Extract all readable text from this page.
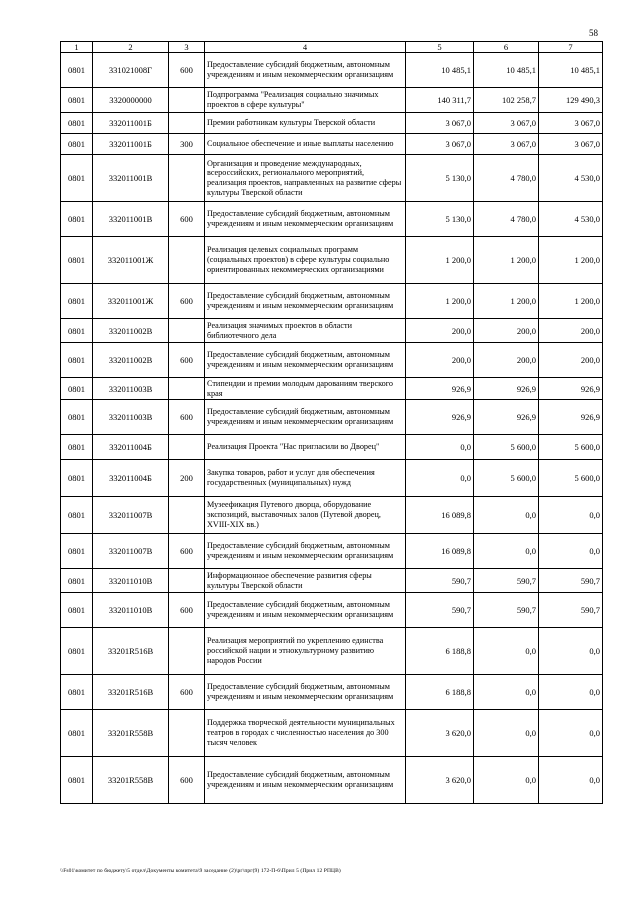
58
1	2	3	4	5	6	7
0801	331021008Г	600	Предоставление субсидий бюджетным, автономным учреждениям и иным некоммерческим организациям	10 485,1	10 485,1	10 485,1
0801	3320000000		Подпрограмма "Реализация социально значимых проектов в сфере культуры"	140 311,7	102 258,7	129 490,3
0801	332011001Б		Премии работникам культуры Тверской области	3 067,0	3 067,0	3 067,0
0801	332011001Б	300	Социальное обеспечение и иные выплаты населению	3 067,0	3 067,0	3 067,0
0801	332011001В		Организация и проведение международных, всероссийских, регионального мероприятий, реализация проектов, направленных на развитие сферы культуры Тверской области	5 130,0	4 780,0	4 530,0
0801	332011001В	600	Предоставление субсидий бюджетным, автономным учреждениям и иным некоммерческим организациям	5 130,0	4 780,0	4 530,0
0801	332011001Ж		Реализация целевых социальных программ (социальных проектов) в сфере культуры социально ориентированных некоммерческих организациями	1 200,0	1 200,0	1 200,0
0801	332011001Ж	600	Предоставление субсидий бюджетным, автономным учреждениям и иным некоммерческим организациям	1 200,0	1 200,0	1 200,0
0801	332011002В		Реализация значимых проектов в области библиотечного дела	200,0	200,0	200,0
0801	332011002В	600	Предоставление субсидий бюджетным, автономным учреждениям и иным некоммерческим организациям	200,0	200,0	200,0
0801	332011003В		Стипендии и премии молодым дарованиям тверского края	926,9	926,9	926,9
0801	332011003В	600	Предоставление субсидий бюджетным, автономным учреждениям и иным некоммерческим организациям	926,9	926,9	926,9
0801	332011004Б		Реализация Проекта "Нас пригласили во Дворец"	0,0	5 600,0	5 600,0
0801	332011004Б	200	Закупка товаров, работ и услуг для обеспечения государственных (муниципальных) нужд	0,0	5 600,0	5 600,0
0801	332011007В		Музеефикация Путевого дворца, оборудование экспозиций, выставочных залов (Путевой дворец, XVIII-XIX вв.)	16 089,8	0,0	0,0
0801	332011007В	600	Предоставление субсидий бюджетным, автономным учреждениям и иным некоммерческим организациям	16 089,8	0,0	0,0
0801	332011010В		Информационное обеспечение развития сферы культуры Тверской области	590,7	590,7	590,7
0801	332011010В	600	Предоставление субсидий бюджетным, автономным учреждениям и иным некоммерческим организациям	590,7	590,7	590,7
0801	33201R516В		Реализация мероприятий по укреплению единства российской нации и этнокультурному развитию народов России	6 188,8	0,0	0,0
0801	33201R516В	600	Предоставление субсидий бюджетным, автономным учреждениям и иным некоммерческим организациям	6 188,8	0,0	0,0
0801	33201R558В		Поддержка творческой деятельности муниципальных театров в городах с численностью населения до 300 тысяч человек	3 620,0	0,0	0,0
0801	33201R558В	600	Предоставление субсидий бюджетным, автономным учреждениям и иным некоммерческим организациям	3 620,0	0,0	0,0
\\Fs01\комитет по бюджету\5 отдел\Документы комитета\9 заседание (2)\рг\прг(9) 172-П-6\Прил 5 (Прил 12 РПЦВ)
